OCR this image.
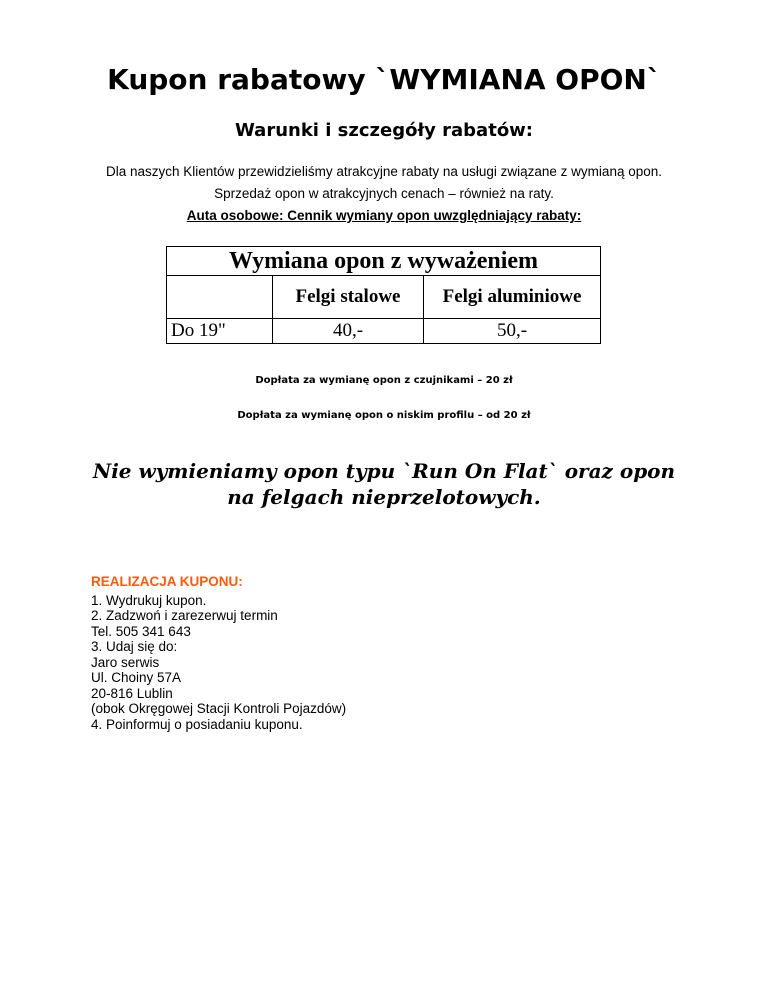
Kupon rabatowy `WYMIANA OPON`
Warunki i szczegóły rabatów:
Dla naszych Klientów przewidzieliśmy atrakcyjne rabaty na usługi związane z wymianą opon.
Sprzedaż opon w atrakcyjnych cenach – również na raty.
Auta osobowe: Cennik wymiany opon uwzględniający rabaty:
Wymiana opon z wyważeniem		
	Felgi stalowe	Felgi aluminiowe
Do 19"	40,-	50,-
Dopłata za wymianę opon z czujnikami – 20 zł
Dopłata za wymianę opon o niskim profilu – od 20 zł
Nie wymieniamy opon typu `Run On Flat` oraz opon
na felgach nieprzelotowych.
REALIZACJA KUPONU:
1. Wydrukuj kupon.
2. Zadzwoń i zarezerwuj termin
Tel. 505 341 643
3. Udaj się do:
Jaro serwis
Ul. Choiny 57A
20-816 Lublin
(obok Okręgowej Stacji Kontroli Pojazdów)
4. Poinformuj o posiadaniu kuponu.
